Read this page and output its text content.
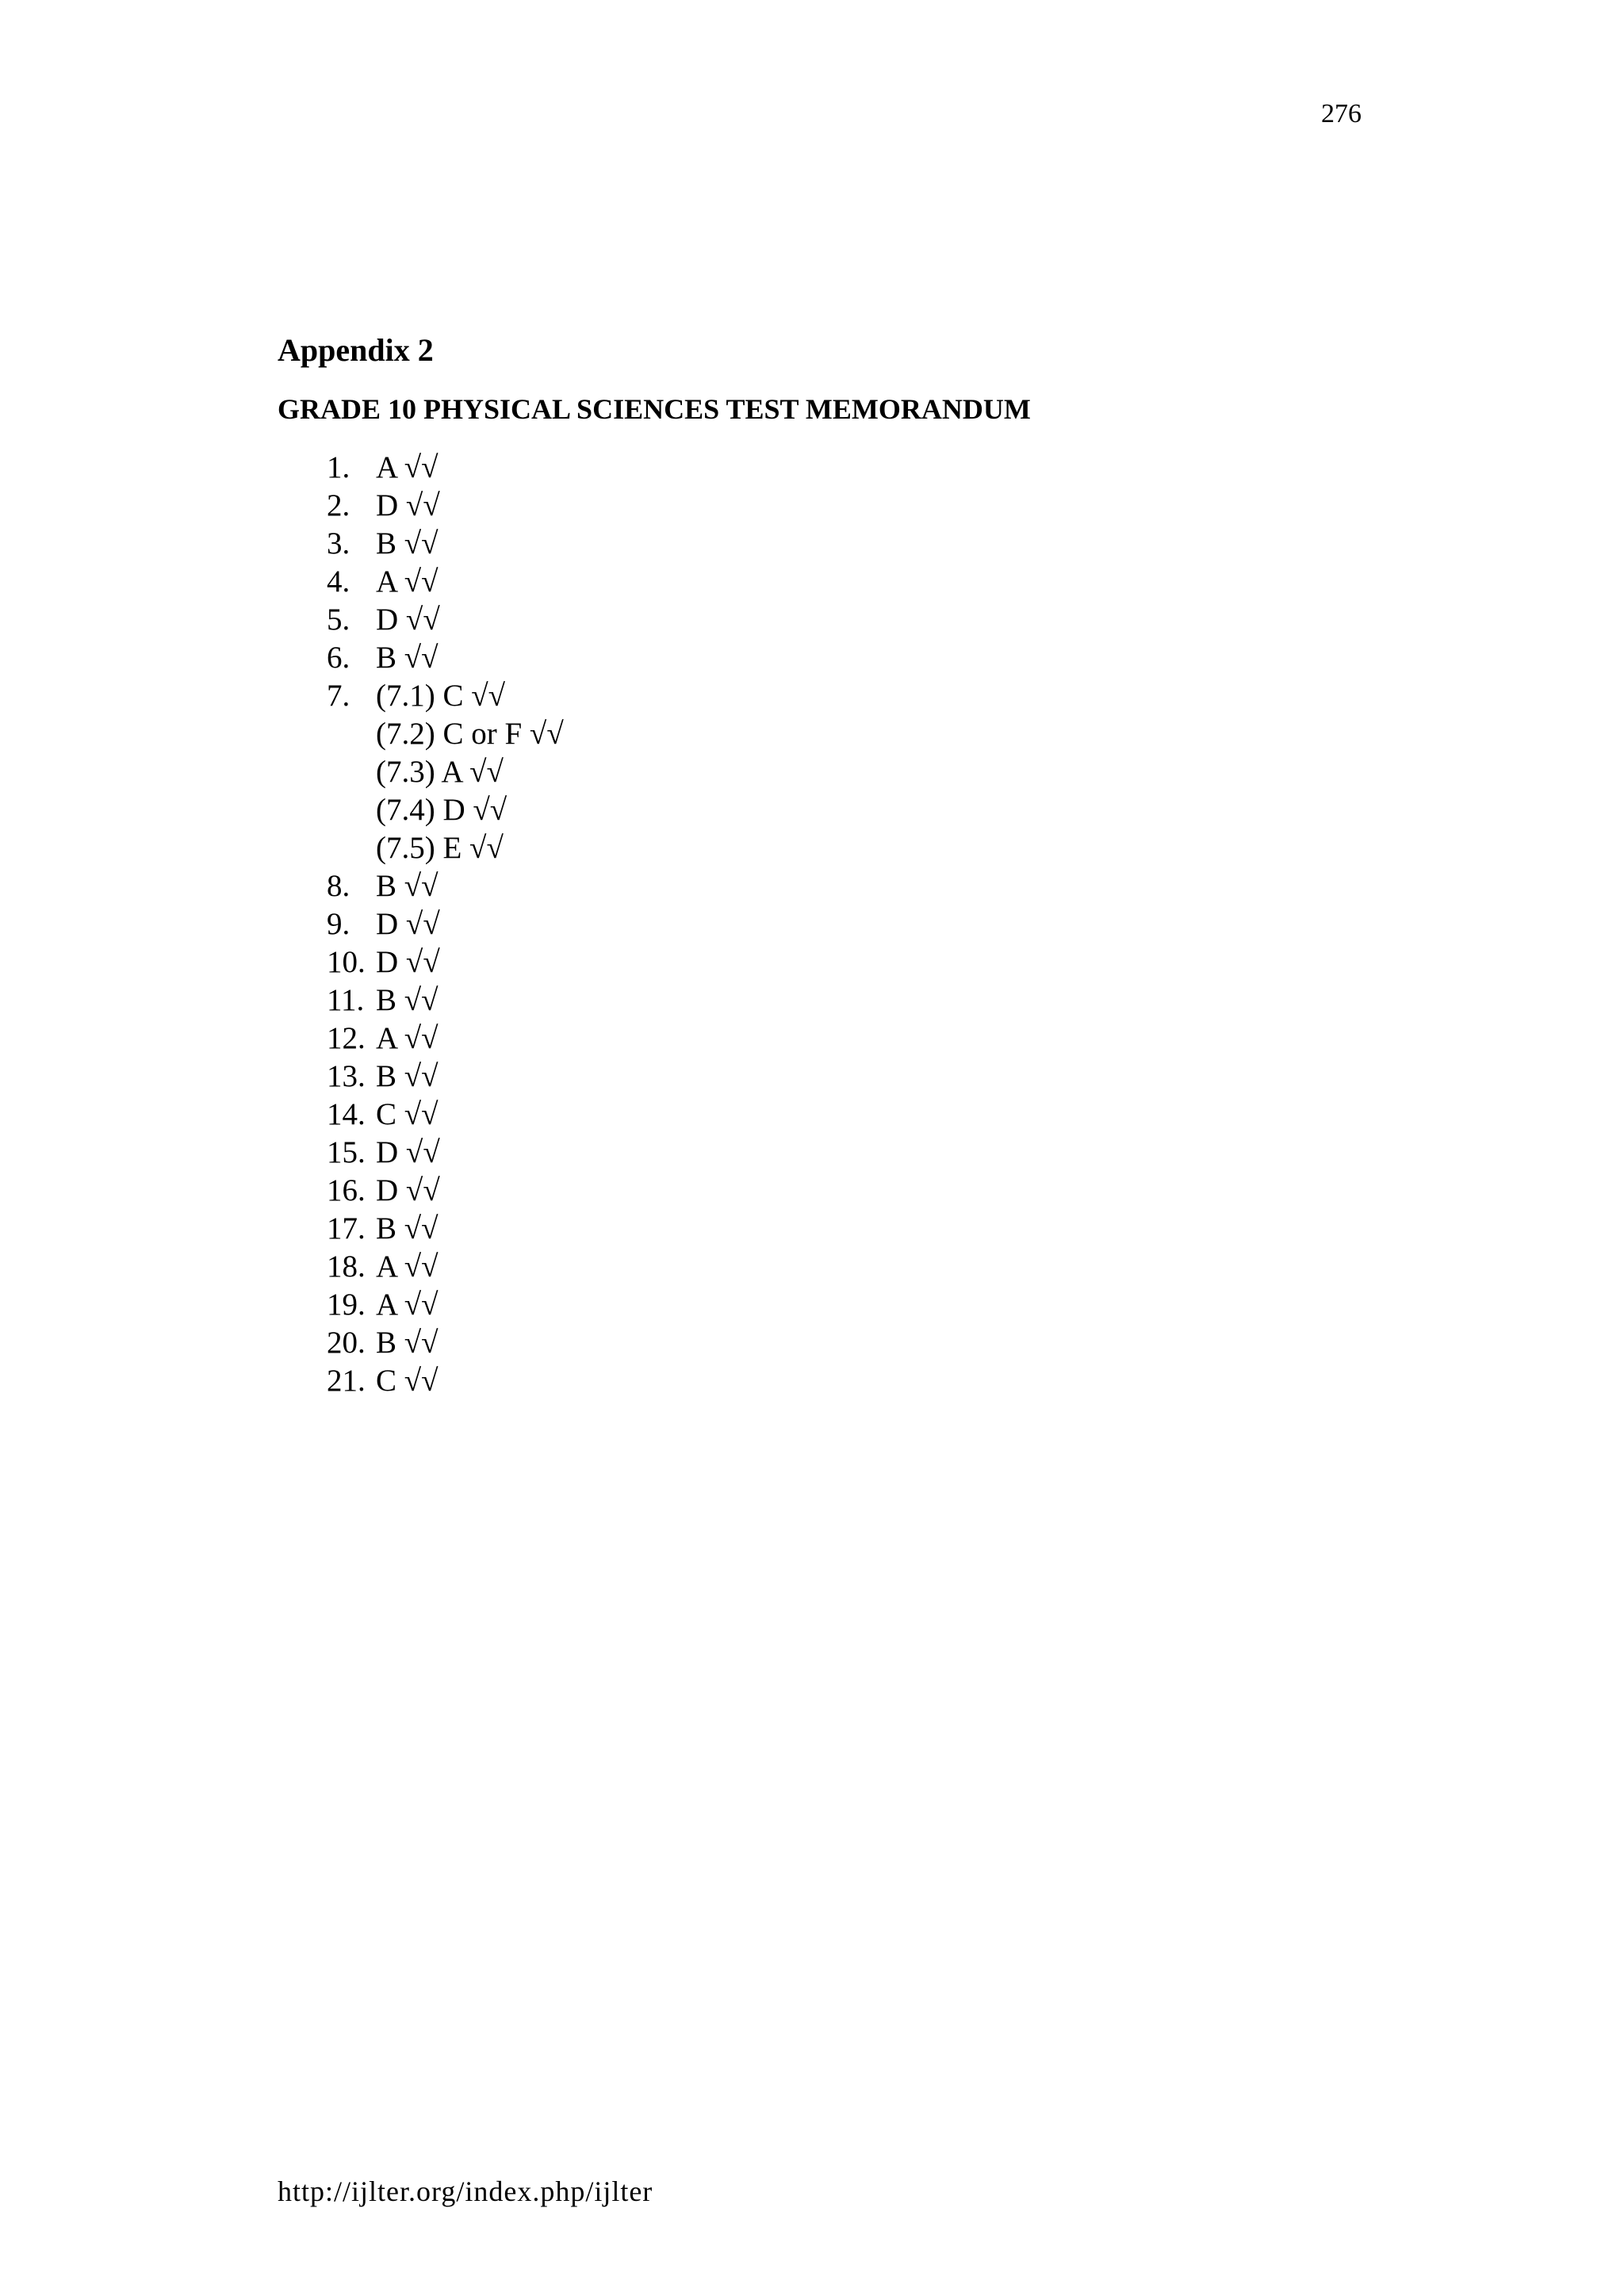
276
Appendix 2
GRADE 10 PHYSICAL SCIENCES TEST MEMORANDUM
1. A √√
2. D √√
3. B √√
4. A √√
5. D √√
6. B √√
7. (7.1) C √√
(7.2) C or F √√
(7.3) A √√
(7.4) D √√
(7.5) E √√
8. B √√
9. D √√
10. D √√
11. B √√
12. A √√
13. B √√
14. C √√
15. D √√
16. D √√
17. B √√
18. A √√
19. A √√
20. B √√
21. C √√
http://ijlter.org/index.php/ijlter
